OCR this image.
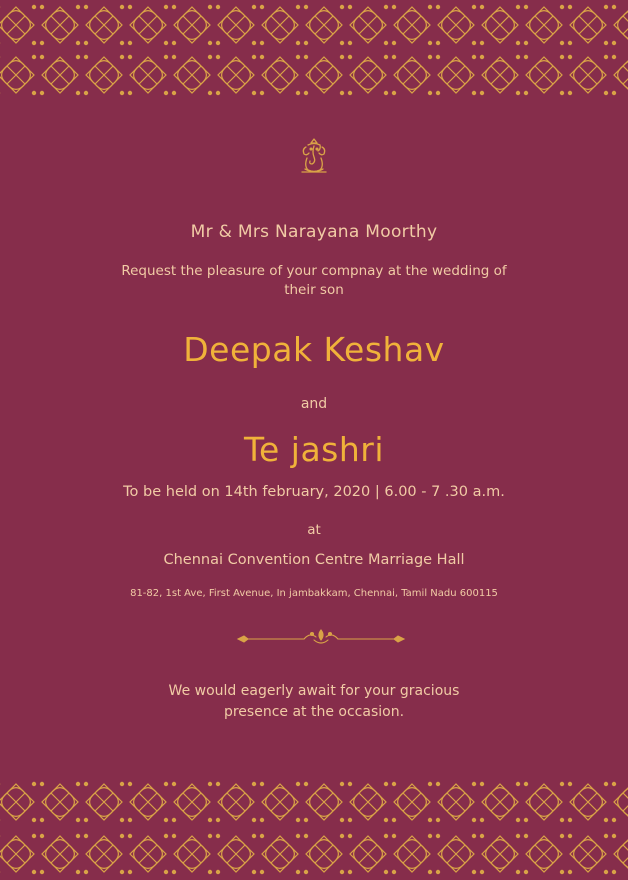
Mr & Mrs Narayana Moorthy
Request the pleasure of your compnay at the wedding of
their son
Deepak Keshav
and
Te jashri
To be held on 14th february, 2020 | 6.00 - 7 .30 a.m.
at
Chennai Convention Centre Marriage Hall
81-82, 1st Ave, First Avenue, In jambakkam, Chennai, Tamil Nadu 600115
We would eagerly await for your gracious
presence at the occasion.
